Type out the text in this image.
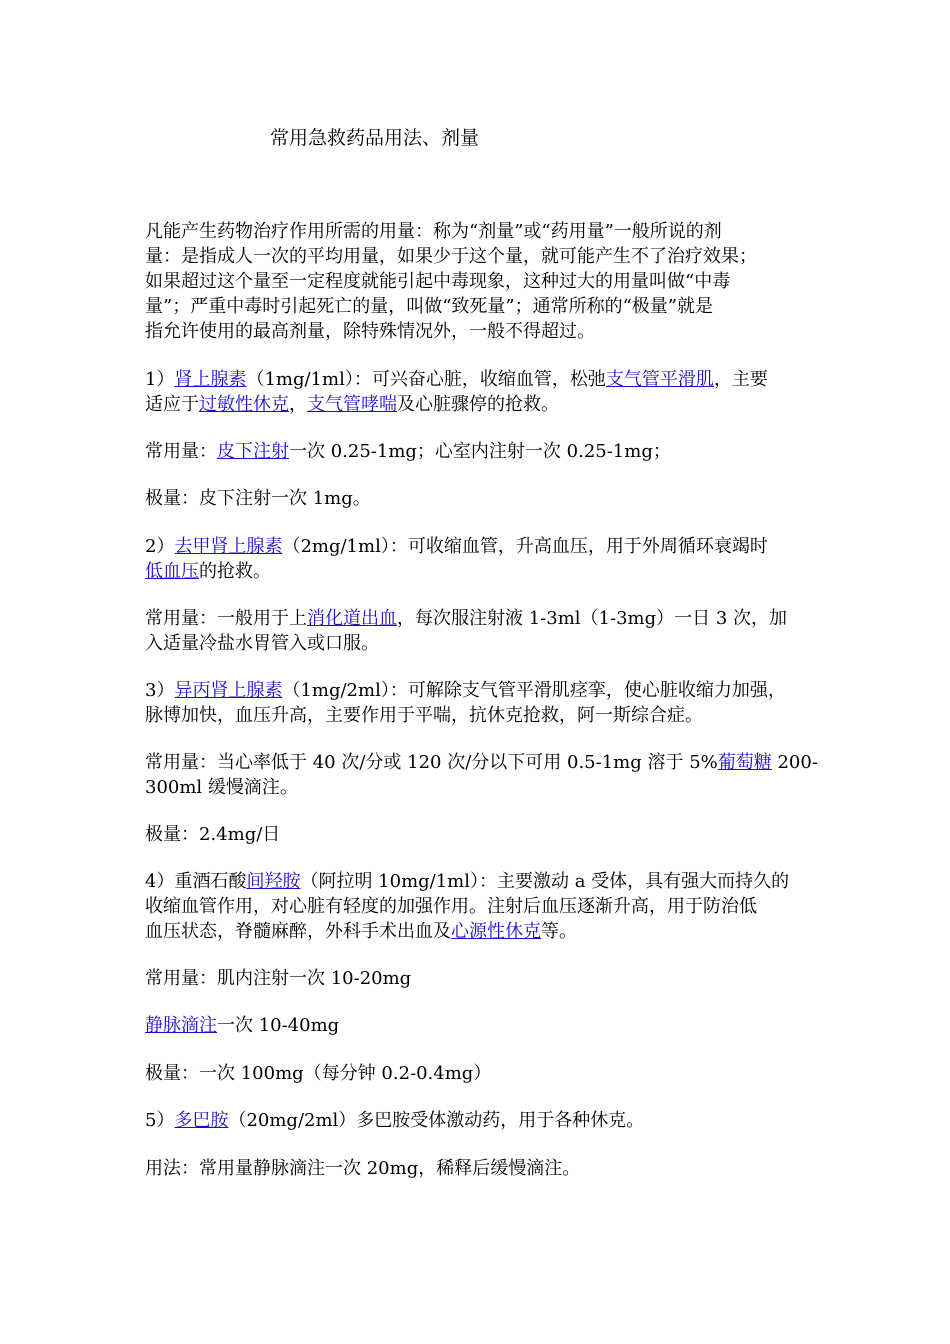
常用急救药品用法、剂量
凡能产生药物治疗作用所需的用量：称为“剂量”或“药用量”一般所说的剂
量：是指成人一次的平均用量，如果少于这个量，就可能产生不了治疗效果；
如果超过这个量至一定程度就能引起中毒现象，这种过大的用量叫做“中毒
量”；严重中毒时引起死亡的量，叫做“致死量”；通常所称的“极量”就是
指允许使用的最高剂量，除特殊情况外，一般不得超过。
1）肾上腺素（1mg/1ml）：可兴奋心脏，收缩血管，松弛支气管平滑肌，主要
适应于过敏性休克，支气管哮喘及心脏骤停的抢救。
常用量：皮下注射一次 0.25-1mg；心室内注射一次 0.25-1mg；
极量：皮下注射一次 1mg。
2）去甲肾上腺素（2mg/1ml）：可收缩血管，升高血压，用于外周循环衰竭时
低血压的抢救。
常用量：一般用于上消化道出血，每次服注射液 1-3ml（1-3mg）一日 3 次，加
入适量冷盐水胃管入或口服。
3）异丙肾上腺素（1mg/2ml）：可解除支气管平滑肌痉挛，使心脏收缩力加强，
脉博加快，血压升高，主要作用于平喘，抗休克抢救，阿一斯综合症。
常用量：当心率低于 40 次/分或 120 次/分以下可用 0.5-1mg 溶于 5%葡萄糖 200-
300ml 缓慢滴注。
极量：2.4mg/日
4）重酒石酸间羟胺（阿拉明 10mg/1ml）：主要激动 a 受体，具有强大而持久的
收缩血管作用，对心脏有轻度的加强作用。注射后血压逐渐升高，用于防治低
血压状态，脊髓麻醉，外科手术出血及心源性休克等。
常用量：肌内注射一次 10-20mg
静脉滴注一次 10-40mg
极量：一次 100mg（每分钟 0.2-0.4mg）
5）多巴胺（20mg/2ml）多巴胺受体激动药，用于各种休克。
用法：常用量静脉滴注一次 20mg，稀释后缓慢滴注。
